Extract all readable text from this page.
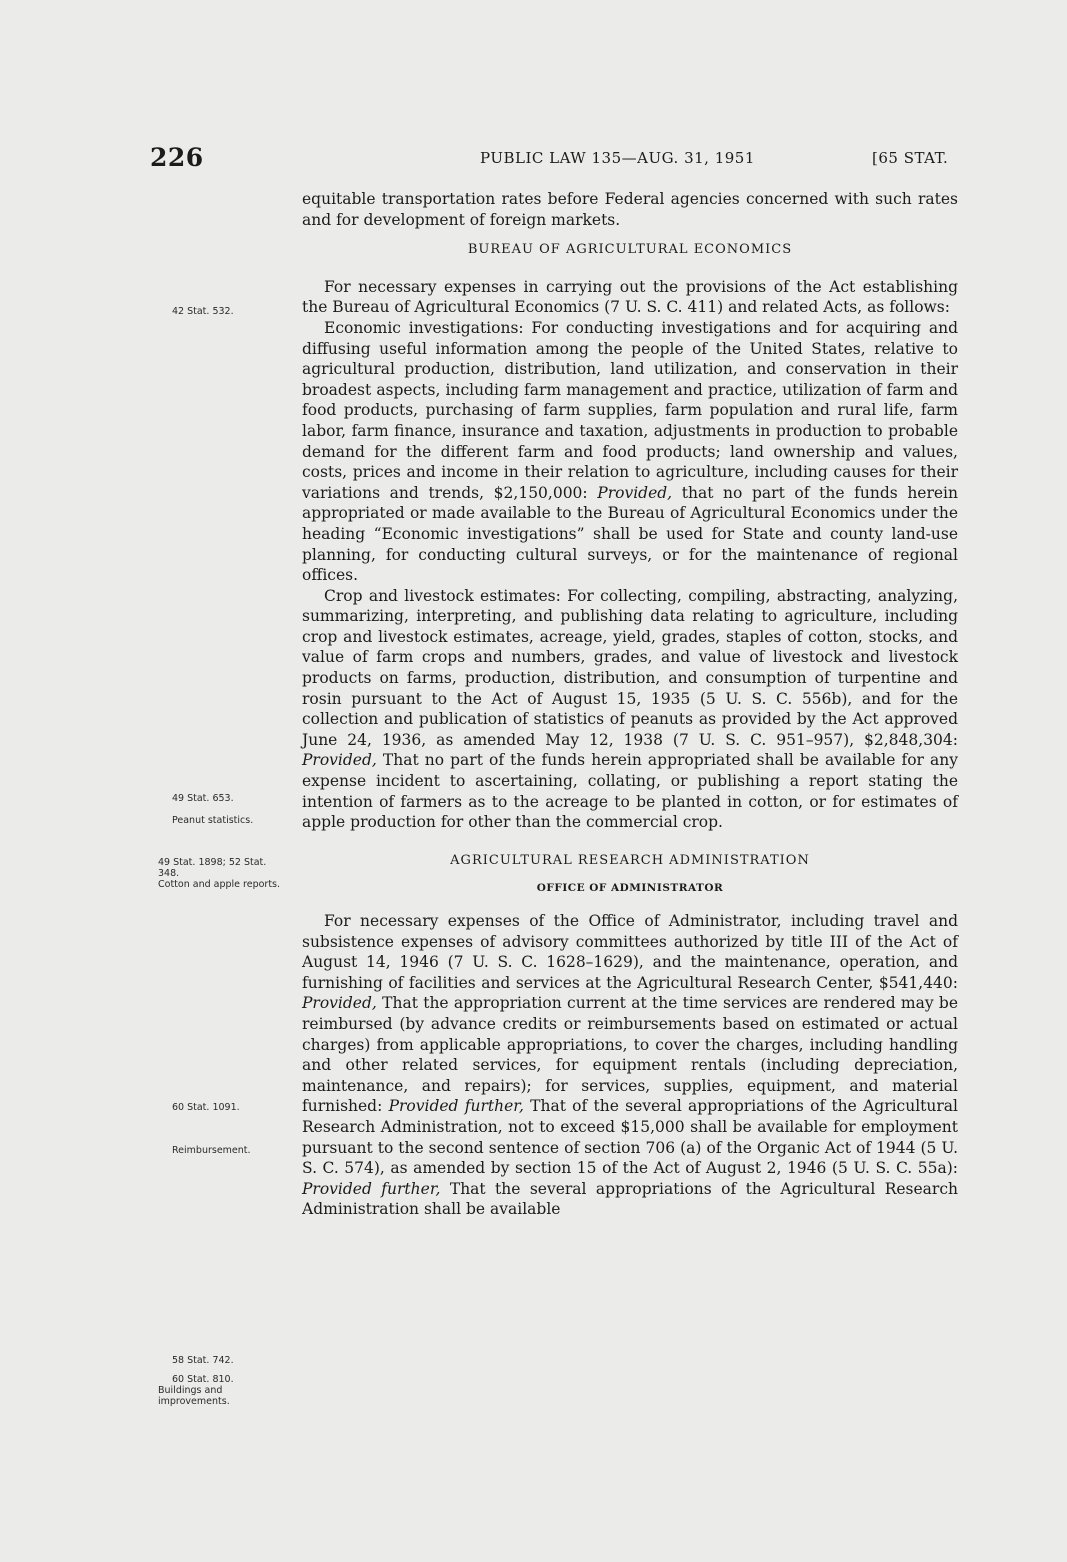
226	PUBLIC LAW 135—AUG. 31, 1951	[65 STAT.
42 Stat. 532.
49 Stat. 653.
Peanut statistics.
49 Stat. 1898; 52 Stat. 348.
Cotton and apple reports.
60 Stat. 1091.
Reimbursement.
58 Stat. 742.
60 Stat. 810.
Buildings and improvements.

equitable transportation rates before Federal agencies concerned with such rates and for development of foreign markets.

BUREAU OF AGRICULTURAL ECONOMICS

For necessary expenses in carrying out the provisions of the Act establishing the Bureau of Agricultural Economics (7 U. S. C. 411) and related Acts, as follows:

Economic investigations: For conducting investigations and for acquiring and diffusing useful information among the people of the United States, relative to agricultural production, distribution, land utilization, and conservation in their broadest aspects, including farm management and practice, utilization of farm and food products, purchasing of farm supplies, farm population and rural life, farm labor, farm finance, insurance and taxation, adjustments in production to probable demand for the different farm and food products; land ownership and values, costs, prices and income in their relation to agriculture, including causes for their variations and trends, $2,150,000: Provided, that no part of the funds herein appropriated or made available to the Bureau of Agricultural Economics under the heading “Economic investigations” shall be used for State and county land-use planning, for conducting cultural surveys, or for the maintenance of regional offices.

Crop and livestock estimates: For collecting, compiling, abstracting, analyzing, summarizing, interpreting, and publishing data relating to agriculture, including crop and livestock estimates, acreage, yield, grades, staples of cotton, stocks, and value of farm crops and numbers, grades, and value of livestock and livestock products on farms, production, distribution, and consumption of turpentine and rosin pursuant to the Act of August 15, 1935 (5 U. S. C. 556b), and for the collection and publication of statistics of peanuts as provided by the Act approved June 24, 1936, as amended May 12, 1938 (7 U. S. C. 951–957), $2,848,304: Provided, That no part of the funds herein appropriated shall be available for any expense incident to ascertaining, collating, or publishing a report stating the intention of farmers as to the acreage to be planted in cotton, or for estimates of apple production for other than the commercial crop.

AGRICULTURAL RESEARCH ADMINISTRATION

OFFICE OF ADMINISTRATOR

For necessary expenses of the Office of Administrator, including travel and subsistence expenses of advisory committees authorized by title III of the Act of August 14, 1946 (7 U. S. C. 1628–1629), and the maintenance, operation, and furnishing of facilities and services at the Agricultural Research Center, $541,440: Provided, That the appropriation current at the time services are rendered may be reimbursed (by advance credits or reimbursements based on estimated or actual charges) from applicable appropriations, to cover the charges, including handling and other related services, for equipment rentals (including depreciation, maintenance, and repairs); for services, supplies, equipment, and material furnished: Provided further, That of the several appropriations of the Agricultural Research Administration, not to exceed $15,000 shall be available for employment pursuant to the second sentence of section 706 (a) of the Organic Act of 1944 (5 U. S. C. 574), as amended by section 15 of the Act of August 2, 1946 (5 U. S. C. 55a): Provided further, That the several appropriations of the Agricultural Research Administration shall be available
